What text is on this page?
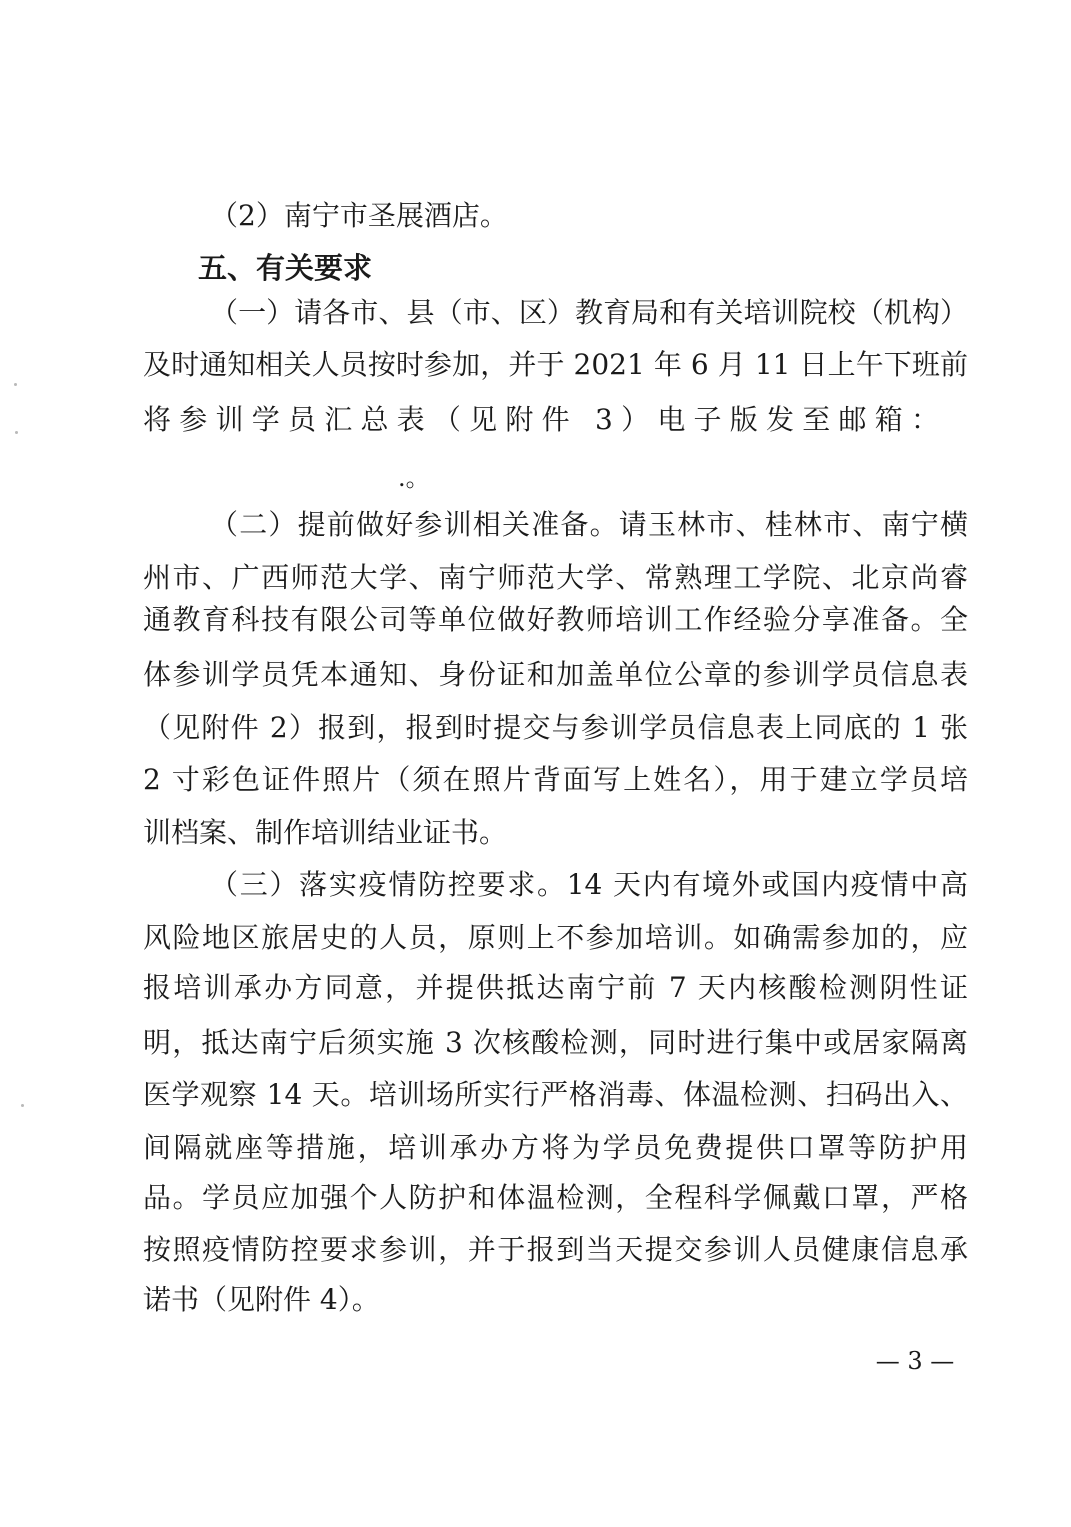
（2）南宁市圣展酒店。
五、有关要求
（一）请各市、县（市、区）教育局和有关培训院校（机构）
及时通知相关人员按时参加，并于 2021 年 6 月 11 日上午下班前
将参训学员汇总表（见附件 3）电子版发至邮箱：
.。
（二）提前做好参训相关准备。请玉林市、桂林市、南宁横
州市、广西师范大学、南宁师范大学、常熟理工学院、北京尚睿
通教育科技有限公司等单位做好教师培训工作经验分享准备。全
体参训学员凭本通知、身份证和加盖单位公章的参训学员信息表
（见附件 2）报到，报到时提交与参训学员信息表上同底的 1 张
2 寸彩色证件照片（须在照片背面写上姓名），用于建立学员培
训档案、制作培训结业证书。
（三）落实疫情防控要求。14 天内有境外或国内疫情中高
风险地区旅居史的人员，原则上不参加培训。如确需参加的，应
报培训承办方同意，并提供抵达南宁前 7 天内核酸检测阴性证
明，抵达南宁后须实施 3 次核酸检测，同时进行集中或居家隔离
医学观察 14 天。培训场所实行严格消毒、体温检测、扫码出入、
间隔就座等措施，培训承办方将为学员免费提供口罩等防护用
品。学员应加强个人防护和体温检测，全程科学佩戴口罩，严格
按照疫情防控要求参训，并于报到当天提交参训人员健康信息承
诺书（见附件 4）。
— 3 —
